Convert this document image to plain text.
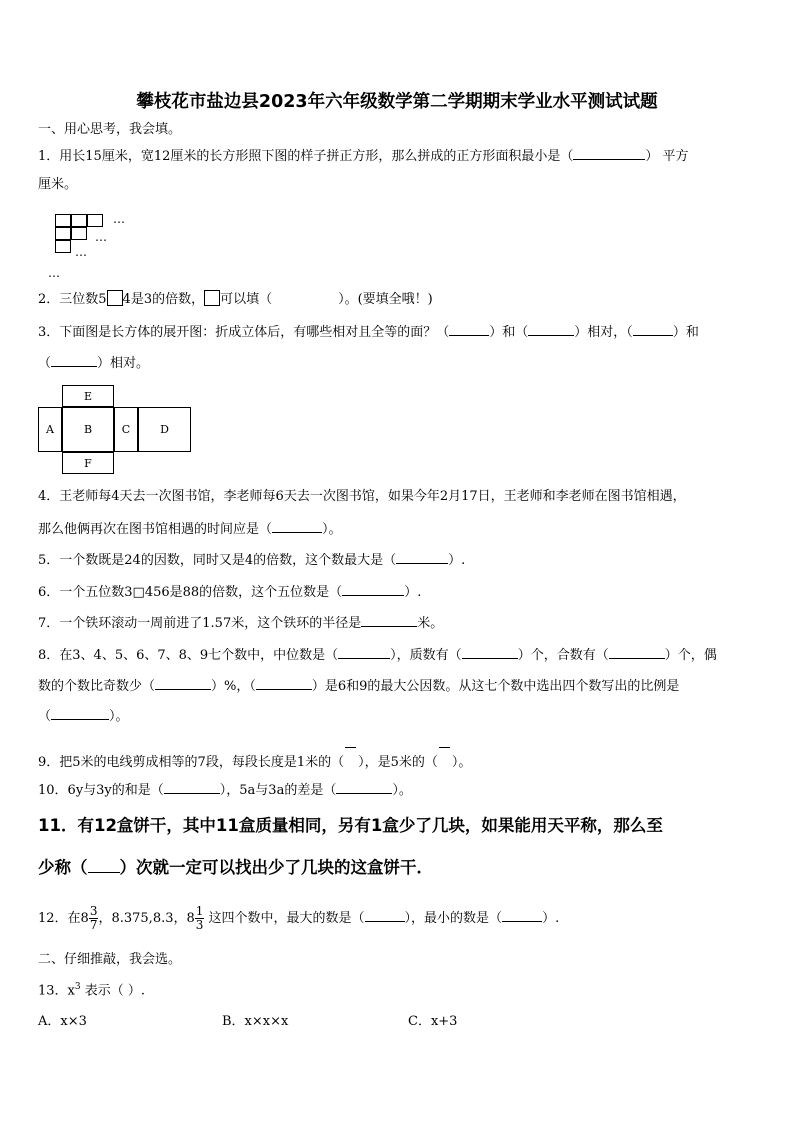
攀枝花市盐边县2023年六年级数学第二学期期末学业水平测试试题
一、用心思考，我会填。
1．用长15厘米，宽12厘米的长方形照下图的样子拼正方形，那么拼成的正方形面积最小是（	） 平方
厘米。
…
…
…
…
2．三位数5 4是3的倍数， 可以填（	）。(要填全哦！)
3．下面图是长方体的展开图：折成立体后，有哪些相对且全等的面？（	）和（	）相对，（	）和
（	）相对。
E
A	B	C	D
F
4．王老师每4天去一次图书馆，李老师每6天去一次图书馆，如果今年2月17日，王老师和李老师在图书馆相遇，
那么他俩再次在图书馆相遇的时间应是（	）。
5．一个数既是24的因数，同时又是4的倍数，这个数最大是（	）.
6．一个五位数3□456是88的倍数，这个五位数是（	）.
7．一个铁环滚动一周前进了1.57米，这个铁环的半径是	米。
8．在3、4、5、6、7、8、9七个数中，中位数是（	），质数有（	）个，合数有（	）个，偶
数的个数比奇数少（	）%，（	）是6和9的最大公因数。从这七个数中选出四个数写出的比例是
（	）。
9．把5米的电线剪成相等的7段，每段长度是1米的（ ），是5米的（ ）。
10．6y与3y的和是（	），5a与3a的差是（	）。
11．有12盒饼干，其中11盒质量相同，另有1盒少了几块，如果能用天平称，那么至
少称（ ）次就一定可以找出少了几块的这盒饼干．
12．在$8 \frac{3}{7}$ ，8.375,8.3，$8 \frac{1}{3}$ 这四个数中，最大的数是（	），最小的数是（	）.
二、仔细推敲，我会选。
13．$x^3$ 表示（ ）.
A．x×3	B．x×x×x	C．x+3
